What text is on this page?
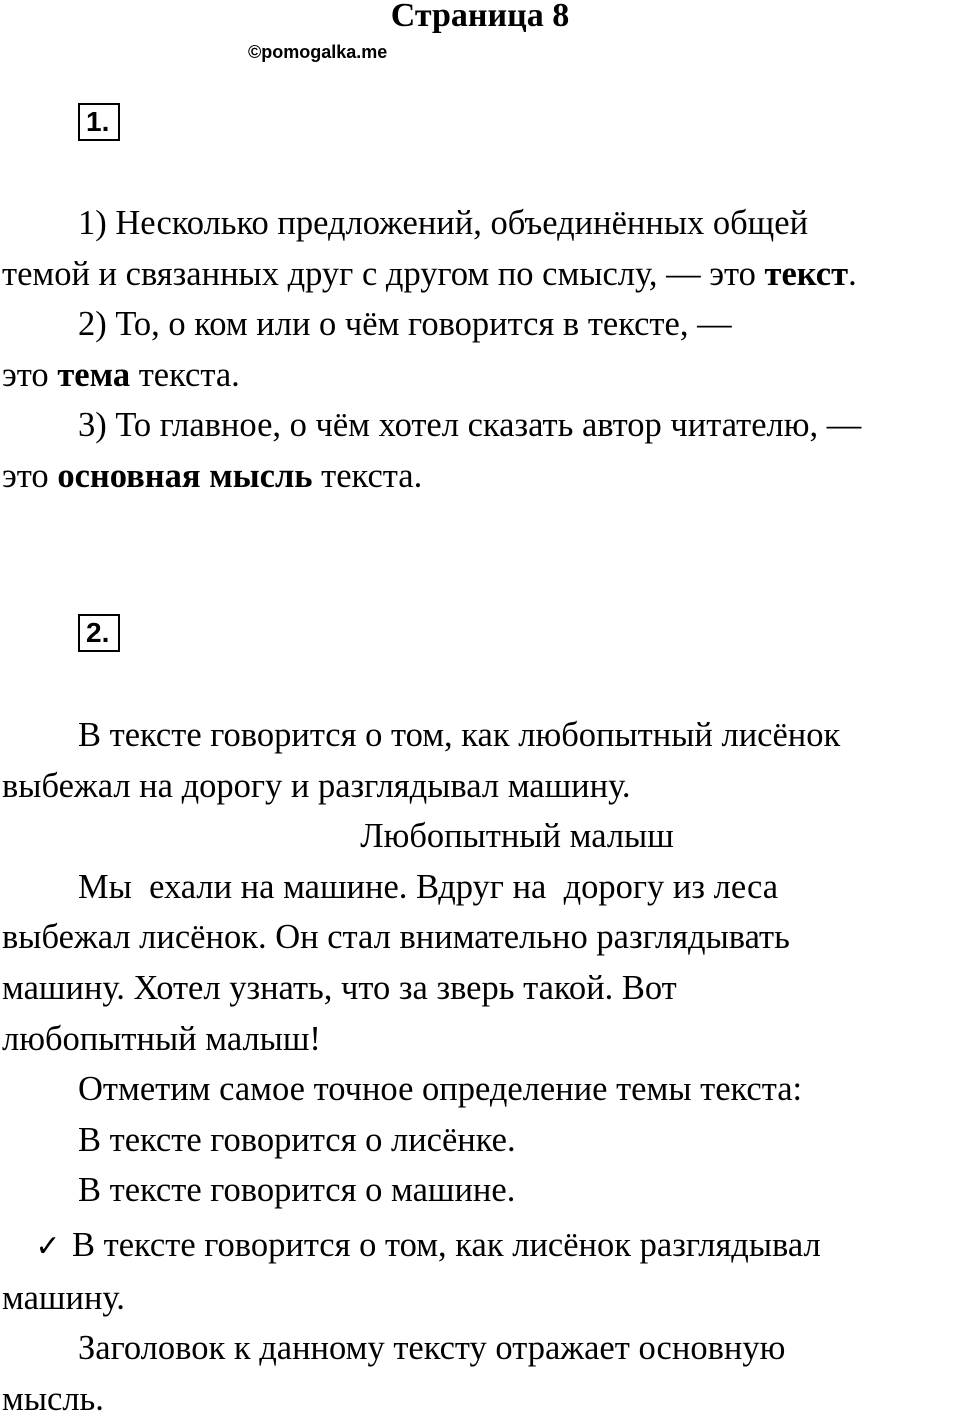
Страница 8
©pomogalka.me
1.
1) Несколько предложений, объединённых общей
темой и связанных друг с другом по смыслу, — это текст.
2) То, о ком или о чём говорится в тексте, —
это тема текста.
3) То главное, о чём хотел сказать автор читателю, —
это основная мысль текста.
2.
В тексте говорится о том, как любопытный лисёнок
выбежал на дорогу и разглядывал машину.
Любопытный малыш
Мы  ехали на машине. Вдруг на  дорогу из леса
выбежал лисёнок. Он стал внимательно разглядывать
машину. Хотел узнать, что за зверь такой. Вот
любопытный малыш!
Отметим самое точное определение темы текста:
В тексте говорится о лисёнке.
В тексте говорится о машине.
✓ В тексте говорится о том, как лисёнок разглядывал
машину.
Заголовок к данному тексту отражает основную
мысль.
